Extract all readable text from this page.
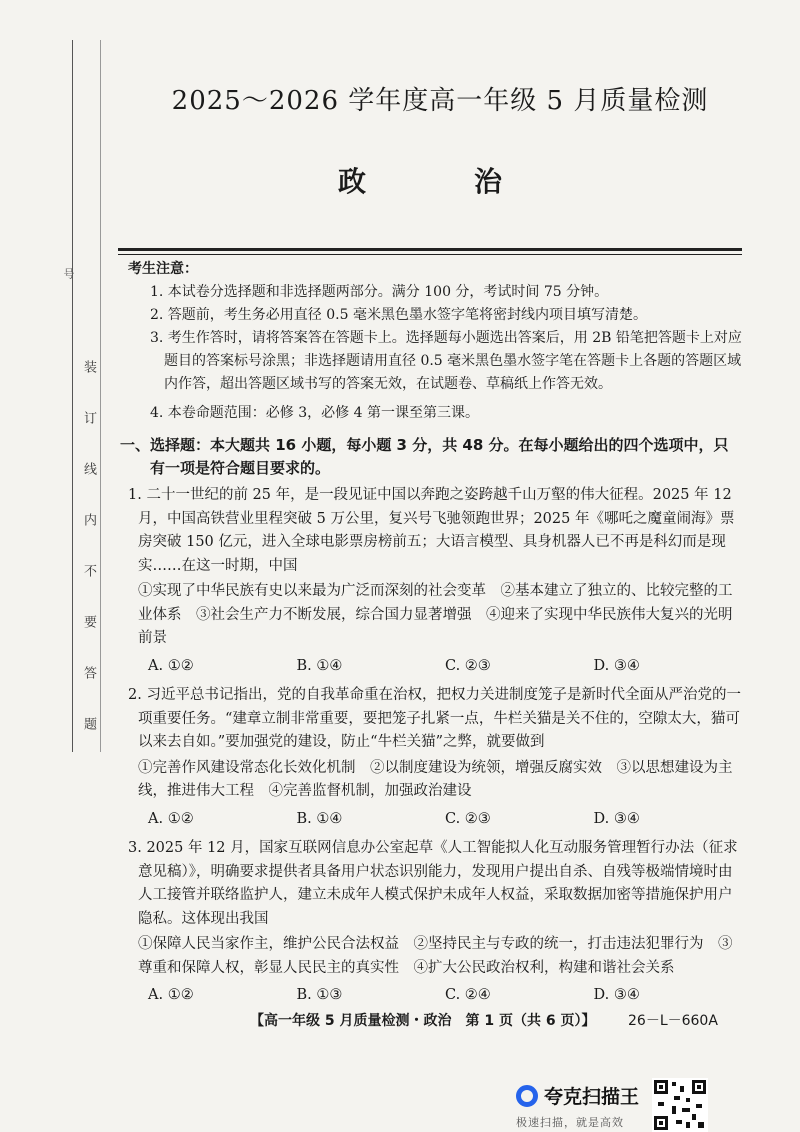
号
装订线内不要答题
2025～2026 学年度高一年级 5 月质量检测
政　治
考生注意：
1. 本试卷分选择题和非选择题两部分。满分 100 分，考试时间 75 分钟。
2. 答题前，考生务必用直径 0.5 毫米黑色墨水签字笔将密封线内项目填写清楚。
3. 考生作答时，请将答案答在答题卡上。选择题每小题选出答案后，用 2B 铅笔把答题卡上对应题目的答案标号涂黑；非选择题请用直径 0.5 毫米黑色墨水签字笔在答题卡上各题的答题区域内作答，超出答题区域书写的答案无效，在试题卷、草稿纸上作答无效。
4. 本卷命题范围：必修 3，必修 4 第一课至第三课。
一、选择题：本大题共 16 小题，每小题 3 分，共 48 分。在每小题给出的四个选项中，只有一项是符合题目要求的。
1. 二十一世纪的前 25 年，是一段见证中国以奔跑之姿跨越千山万壑的伟大征程。2025 年 12 月，中国高铁营业里程突破 5 万公里，复兴号飞驰领跑世界；2025 年《哪吒之魔童闹海》票房突破 150 亿元，进入全球电影票房榜前五；大语言模型、具身机器人已不再是科幻而是现实……在这一时期，中国
①实现了中华民族有史以来最为广泛而深刻的社会变革　②基本建立了独立的、比较完整的工业体系　③社会生产力不断发展，综合国力显著增强　④迎来了实现中华民族伟大复兴的光明前景
A. ①②	B. ①④	C. ②③	D. ③④
2. 习近平总书记指出，党的自我革命重在治权，把权力关进制度笼子是新时代全面从严治党的一项重要任务。“建章立制非常重要，要把笼子扎紧一点，牛栏关猫是关不住的，空隙太大，猫可以来去自如。”要加强党的建设，防止“牛栏关猫”之弊，就要做到
①完善作风建设常态化长效化机制　②以制度建设为统领，增强反腐实效　③以思想建设为主线，推进伟大工程　④完善监督机制，加强政治建设
A. ①②	B. ①④	C. ②③	D. ③④
3. 2025 年 12 月，国家互联网信息办公室起草《人工智能拟人化互动服务管理暂行办法（征求意见稿）》，明确要求提供者具备用户状态识别能力，发现用户提出自杀、自残等极端情境时由人工接管并联络监护人，建立未成年人模式保护未成年人权益，采取数据加密等措施保护用户隐私。这体现出我国
①保障人民当家作主，维护公民合法权益　②坚持民主与专政的统一，打击违法犯罪行为　③尊重和保障人权，彰显人民民主的真实性　④扩大公民政治权利，构建和谐社会关系
A. ①②	B. ①③	C. ②④	D. ③④
【高一年级 5 月质量检测・政治　第 1 页（共 6 页）】 26－L－660A
夸克扫描王
极速扫描，就是高效
